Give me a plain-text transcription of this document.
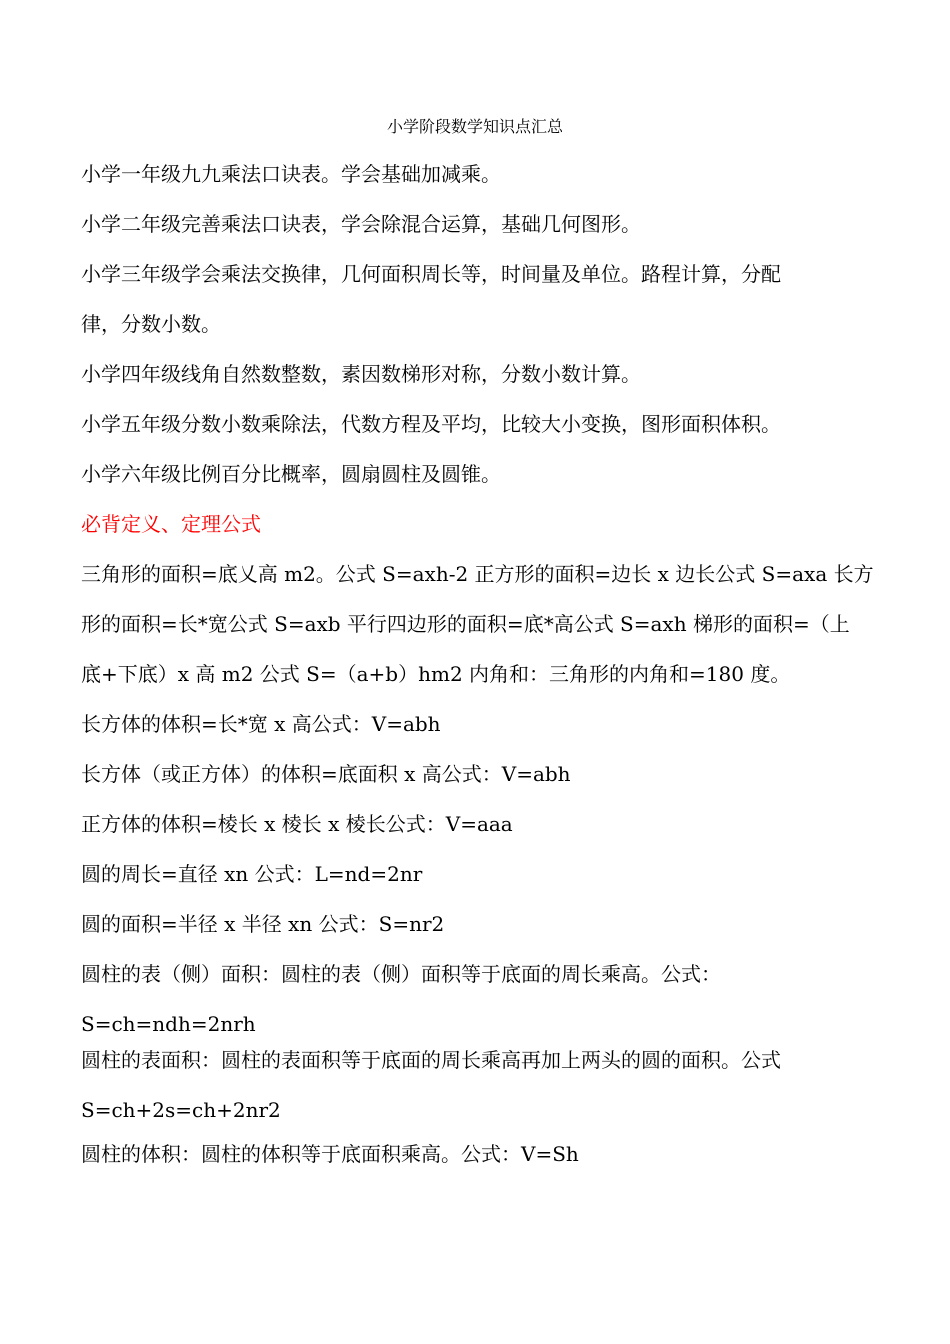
小学阶段数学知识点汇总
小学一年级九九乘法口诀表。学会基础加减乘。
小学二年级完善乘法口诀表，学会除混合运算，基础几何图形。
小学三年级学会乘法交换律，几何面积周长等，时间量及单位。路程计算，分配
律，分数小数。
小学四年级线角自然数整数，素因数梯形对称，分数小数计算。
小学五年级分数小数乘除法，代数方程及平均，比较大小变换，图形面积体积。
小学六年级比例百分比概率，圆扇圆柱及圆锥。
必背定义、定理公式
三角形的面积=底乂高 m2。公式 S=axh-2 正方形的面积=边长 x 边长公式 S=axa 长方
形的面积=长*宽公式 S=axb 平行四边形的面积=底*高公式 S=axh 梯形的面积=（上
底+下底）x 高 m2 公式 S=（a+b）hm2 内角和：三角形的内角和=180 度。
长方体的体积=长*宽 x 高公式：V=abh
长方体（或正方体）的体积=底面积 x 高公式：V=abh
正方体的体积=棱长 x 棱长 x 棱长公式：V=aaa
圆的周长=直径 xn 公式：L=nd=2nr
圆的面积=半径 x 半径 xn 公式：S=nr2
圆柱的表（侧）面积：圆柱的表（侧）面积等于底面的周长乘高。公式：
S=ch=ndh=2nrh
圆柱的表面积：圆柱的表面积等于底面的周长乘高再加上两头的圆的面积。公式
S=ch+2s=ch+2nr2
圆柱的体积：圆柱的体积等于底面积乘高。公式：V=Sh
